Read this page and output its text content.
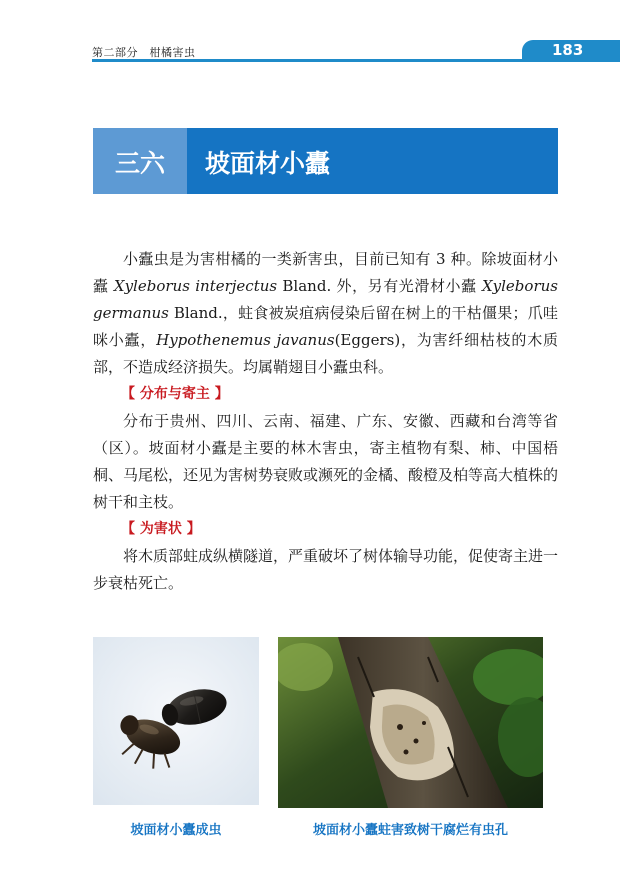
第二部分　柑橘害虫	183
三六	坡面材小蠹

小蠹虫是为害柑橘的一类新害虫，目前已知有 3 种。除坡面材小蠹 Xyleborus interjectus Bland. 外，另有光滑材小蠹 Xyleborus germanus Bland.，蛀食被炭疽病侵染后留在树上的干枯僵果；爪哇咪小蠹，Hypothenemus javanus(Eggers)，为害纤细枯枝的木质部，不造成经济损失。均属鞘翅目小蠹虫科。

【 分布与寄主 】

分布于贵州、四川、云南、福建、广东、安徽、西藏和台湾等省（区）。坡面材小蠹是主要的林木害虫，寄主植物有梨、柿、中国梧桐、马尾松，还见为害树势衰败或濒死的金橘、酸橙及柏等高大植株的树干和主枝。

【 为害状 】

将木质部蛀成纵横隧道，严重破坏了树体输导功能，促使寄主进一步衰枯死亡。

坡面材小蠹成虫	坡面材小蠹蛀害致树干腐烂有虫孔
